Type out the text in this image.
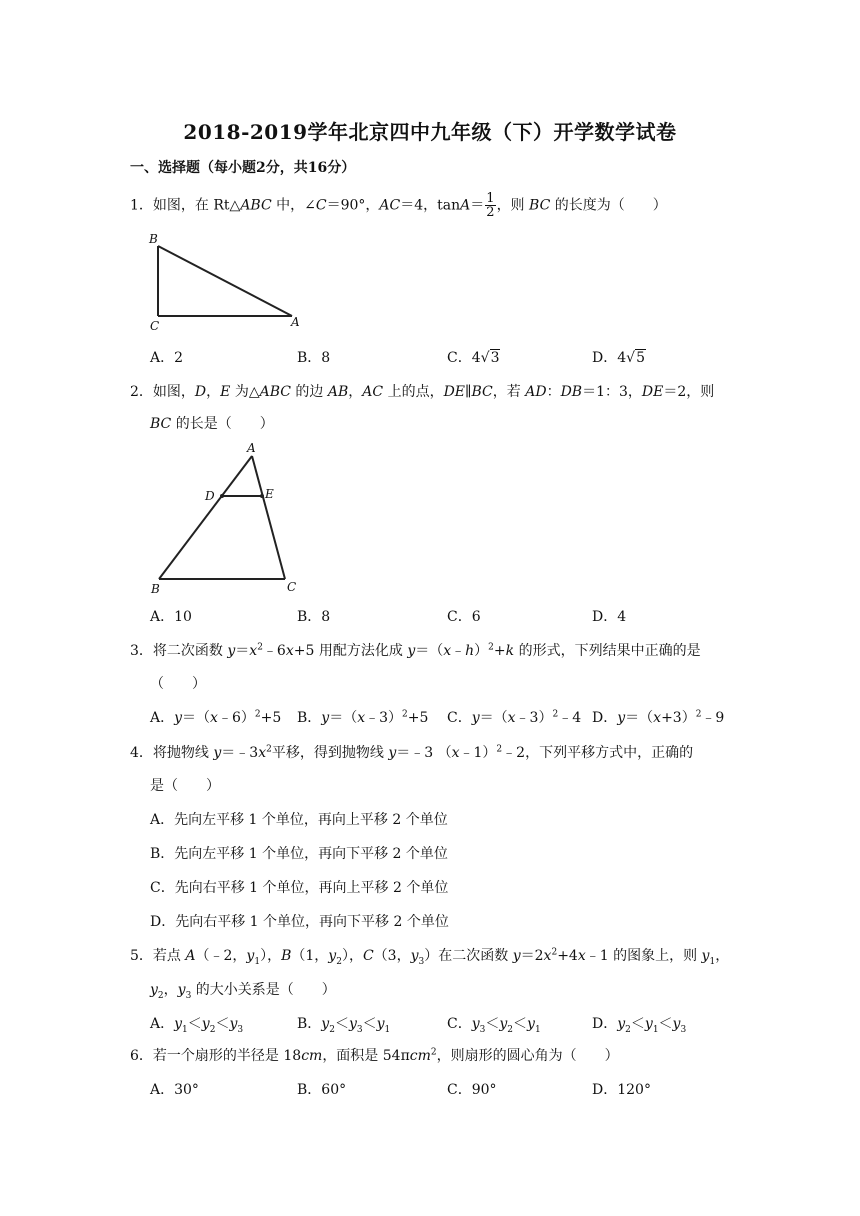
2018-2019学年北京四中九年级（下）开学数学试卷
一、选择题（每小题2分，共16分）
1．如图，在 Rt△ABC 中，∠C＝90°，AC＝4，$\tan A= \frac{1}{2}$ ，则 BC 的长度为（　　）
B
C	A
A．2	B．8	C．4√3	D．4√5
2．如图，D，E 为△ABC 的边 AB，AC 上的点，DE∥BC，若 AD：DB＝1：3，DE＝2，则
BC 的长是（　　）
A
D	E
B	C
A．10	B．8	C．6	D．4
3．将二次函数 $y=x^2﹣6x+5$ 用配方法化成 y＝（x﹣h）$^2$+k 的形式，下列结果中正确的是
（　　）
A．y＝（x﹣6）$^2$+5 B．y＝（x﹣3）$^2$+5 C．y＝（x﹣3）$^2$﹣4 D．$y=(x+3)^2﹣9$
4．将抛物线 $y=﹣3x^2$平移，得到抛物线 y＝﹣3 （x﹣1）$^2$﹣2，下列平移方式中，正确的
是（　　）
A．先向左平移 1 个单位，再向上平移 2 个单位
B．先向左平移 1 个单位，再向下平移 2 个单位
C．先向右平移 1 个单位，再向上平移 2 个单位
D．先向右平移 1 个单位，再向下平移 2 个单位
5．若点 A（﹣2，$y_1$），B（1，$y_2$），C（3，$y_3$）在二次函数 $y=2x^2+4x﹣1$ 的图象上，则 $y_1$，
$y_2$，$y_3$ 的大小关系是（　　）
A．$y_1<y_2<y_3$	B．$y_2<y_3<y_1$	C．$y_3<y_2<y_1$	D．$y_2<y_1<y_3$
6．若一个扇形的半径是 18cm，面积是 54πcm$^2$，则扇形的圆心角为（　　）
A．30°	B．60°	C．90°	D．120°
